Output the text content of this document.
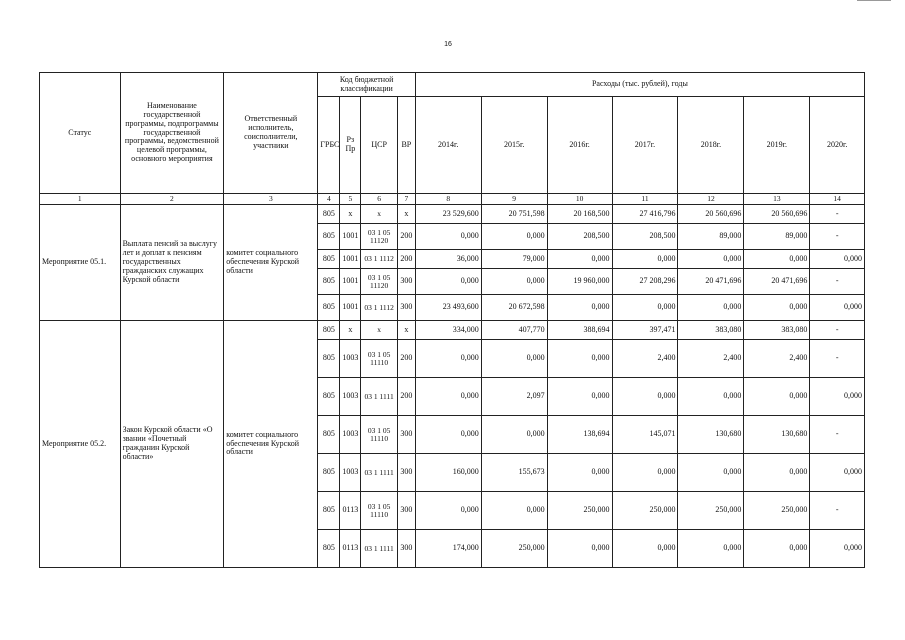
16
Статус	Наименование государственной программы, подпрограммы государственной программы, ведомственной целевой программы, основного мероприятия	Ответственный исполнитель, соисполнители, участники	Код бюджетной классификации				Расходы (тыс. рублей), годы						
			ГРБС	Рз Пр	ЦСР	ВР	2014г.	2015г.	2016г.	2017г.	2018г.	2019г.	2020г.
1	2	3	4	5	6	7	8	9	10	11	12	13	14
Мероприятие 05.1.	Выплата пенсий за выслугу лет и доплат к пенсиям государственных гражданских служащих Курской области	комитет социального обеспечения Курской области	805	х	х	х	23 529,600	20 751,598	20 168,500	27 416,796	20 560,696	20 560,696	-
			805	1001	03 1 05 11120	200	0,000	0,000	208,500	208,500	89,000	89,000	-
			805	1001	03 1 1112	200	36,000	79,000	0,000	0,000	0,000	0,000	0,000
			805	1001	03 1 05 11120	300	0,000	0,000	19 960,000	27 208,296	20 471,696	20 471,696	-
			805	1001	03 1 1112	300	23 493,600	20 672,598	0,000	0,000	0,000	0,000	0,000
Мероприятие 05.2.	Закон Курской области «О звании «Почетный гражданин Курской области»	комитет социального обеспечения Курской области	805	х	х	х	334,000	407,770	388,694	397,471	383,080	383,080	-
			805	1003	03 1 05 11110	200	0,000	0,000	0,000	2,400	2,400	2,400	-
			805	1003	03 1 1111	200	0,000	2,097	0,000	0,000	0,000	0,000	0,000
			805	1003	03 1 05 11110	300	0,000	0,000	138,694	145,071	130,680	130,680	-
			805	1003	03 1 1111	300	160,000	155,673	0,000	0,000	0,000	0,000	0,000
			805	0113	03 1 05 11110	300	0,000	0,000	250,000	250,000	250,000	250,000	-
			805	0113	03 1 1111	300	174,000	250,000	0,000	0,000	0,000	0,000	0,000
